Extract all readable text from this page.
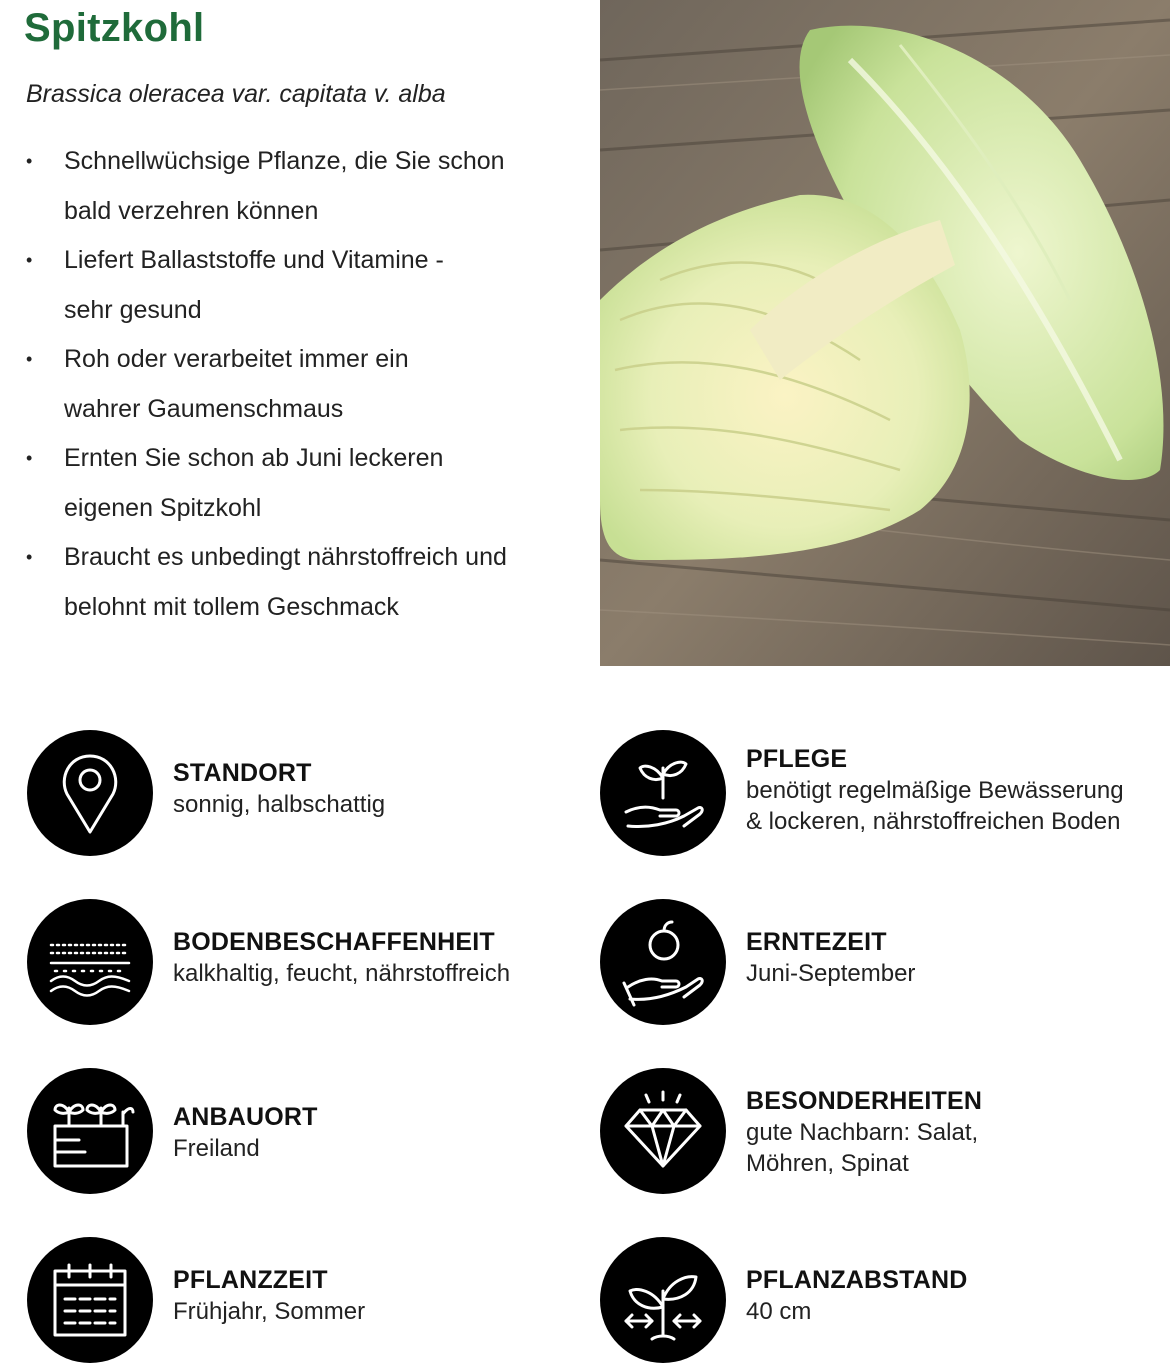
Spitzkohl

Brassica oleracea var. capitata v. alba

• Schnellwüchsige Pflanze, die Sie schon
bald verzehren können
• Liefert Ballaststoffe und Vitamine -
sehr gesund
• Roh oder verarbeitet immer ein
wahrer Gaumenschmaus
• Ernten Sie schon ab Juni leckeren
eigenen Spitzkohl
• Braucht es unbedingt nährstoffreich und
belohnt mit tollem Geschmack
STANDORT
sonnig, halbschattig
PFLEGE
benötigt regelmäßige Bewässerung
& lockeren, nährstoffreichen Boden
BODENBESCHAFFENHEIT
kalkhaltig, feucht, nährstoffreich
ERNTEZEIT
Juni-September
ANBAUORT
Freiland
BESONDERHEITEN
gute Nachbarn: Salat,
Möhren, Spinat
PFLANZZEIT
Frühjahr, Sommer
PFLANZABSTAND
40 cm
